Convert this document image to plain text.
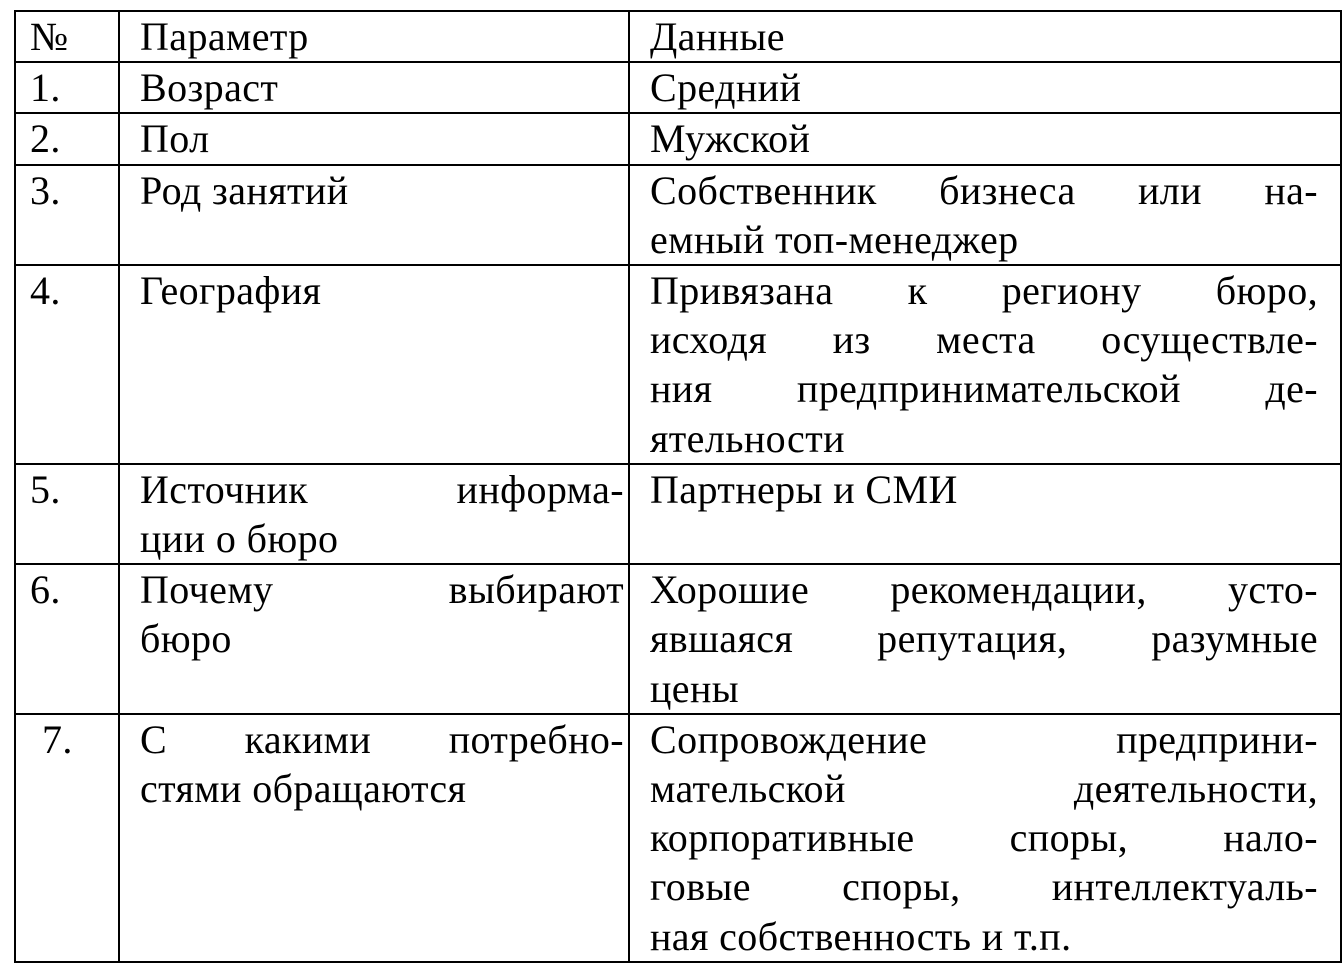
№	Параметр	Данные
1.	Возраст	Средний

2.	Пол	Мужской

3.	Род занятий	Собственник бизнеса или на-
емный топ-менеджер

4.	География	Привязана к региону бюро,
исходя из места осуществле-
ния предпринимательской де-
ятельности

5.	Источник информа-
ции о бюро	Партнеры и СМИ

6.	Почему выбирают
бюро	Хорошие рекомендации, усто-
явшаяся репутация, разумные
цены

7.	С какими потребно-
стями обращаются	Сопровождение предприни-
мательской деятельности,
корпоративные споры, нало-
говые споры, интеллектуаль-
ная собственность и т.п.
